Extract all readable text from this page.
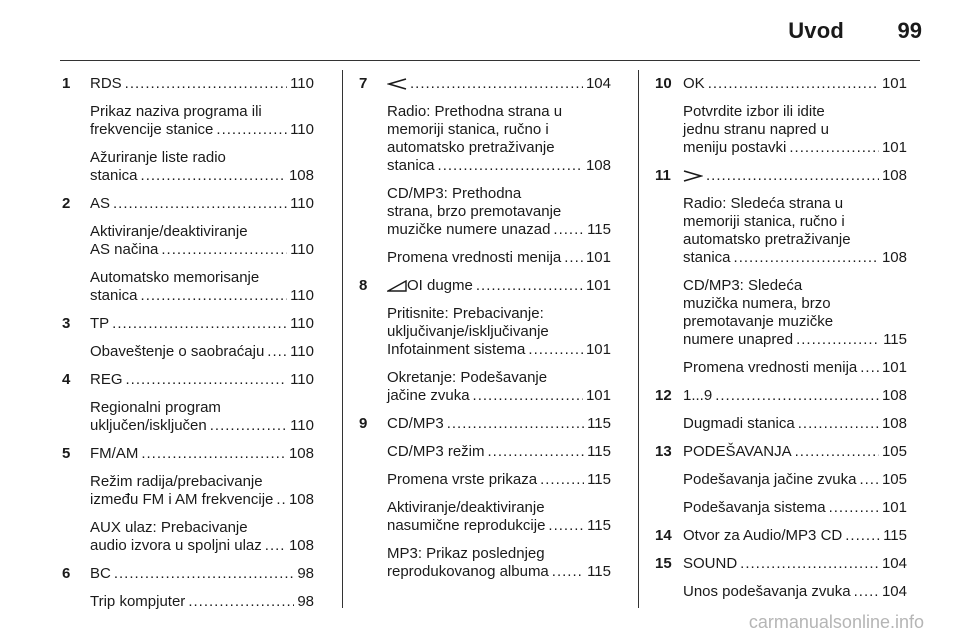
Uvod 99
1	RDS .....	110
Prikaz naziva programa ili
frekvencije stanice .....	110
Ažuriranje liste radio
stanica .....	108
2	AS .....	110
Aktiviranje/deaktiviranje
AS načina .....	110
Automatsko memorisanje
stanica .....	110
3	TP .....	110
Obaveštenje o saobraćaju ..... 110
4	REG .....	110
Regionalni program
uključen/isključen .....	110
5	FM/AM .....	108
Režim radija/prebacivanje
između FM i AM frekvencije ..... 108
AUX ulaz: Prebacivanje
audio izvora u spoljni ulaz ..... 108
6	BC .....	98
Trip kompjuter .....	98
7 .....	104
Radio: Prethodna strana u
memoriji stanica, ručno i
automatsko pretraživanje
stanica .....	108
CD/MP3: Prethodna
strana, brzo premotavanje
muzičke numere unazad ..... 115
Promena vrednosti menija ..... 101
8	OI dugme .....	101
Pritisnite: Prebacivanje:
uključivanje/isključivanje
Infotainment sistema .....	101
Okretanje: Podešavanje
jačine zvuka .....	101
9	CD/MP3 .....	115
CD/MP3 režim .....	115
Promena vrste prikaza .....	115
Aktiviranje/deaktiviranje
nasumične reprodukcije .....	115
MP3: Prikaz poslednjeg
reprodukovanog albuma .....	115
10 OK .....	101
Potvrdite izbor ili idite
jednu stranu napred u
meniju postavki .....	101
11 .....	108
Radio: Sledeća strana u
memoriji stanica, ručno i
automatsko pretraživanje
stanica .....	108
CD/MP3: Sledeća
muzička numera, brzo
premotavanje muzičke
numere unapred .....	115
Promena vrednosti menija ..... 101
12 1...9 .....	108
Dugmadi stanica .....	108
13 PODEŠAVANJA .....	105
Podešavanja jačine zvuka ..... 105
Podešavanja sistema .....	101
14 Otvor za Audio/MP3 CD .....	115
15 SOUND .....	104
Unos podešavanja zvuka ..... 104
carmanualsonline.info
